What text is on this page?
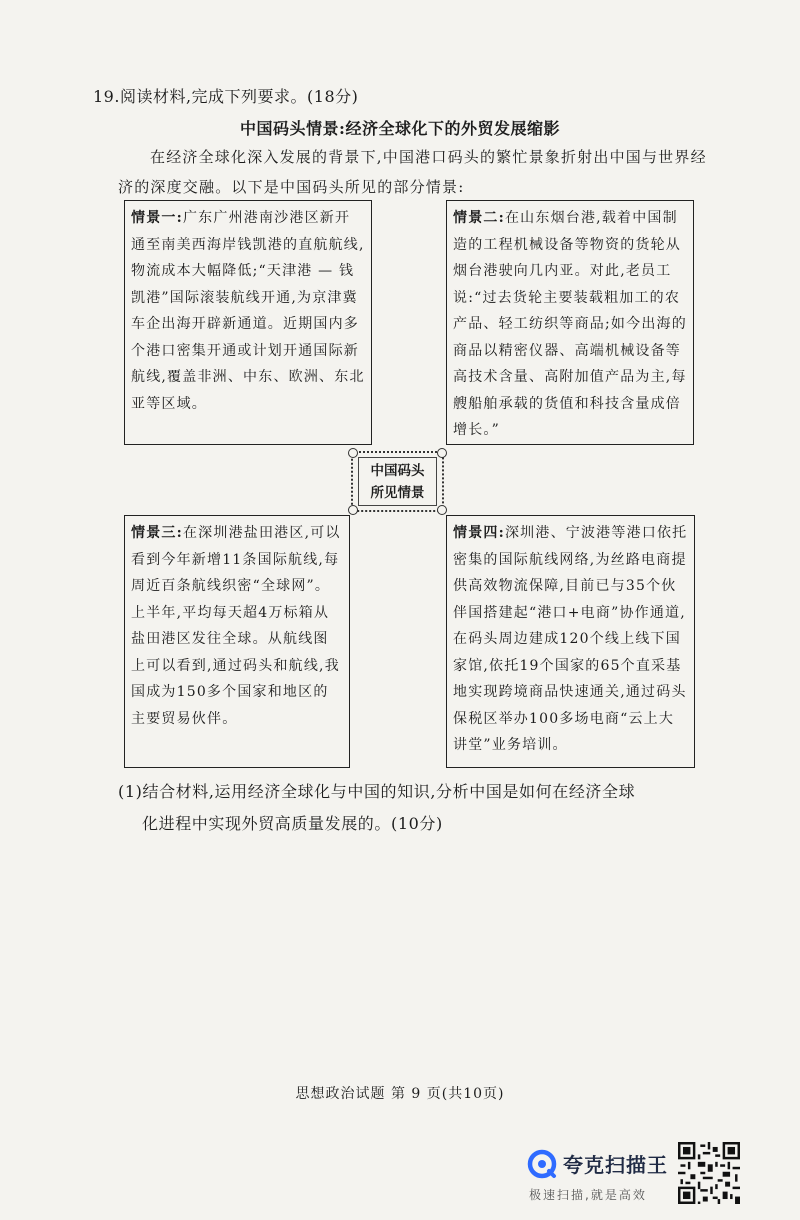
19.阅读材料,完成下列要求。(18分)
中国码头情景:经济全球化下的外贸发展缩影

在经济全球化深入发展的背景下,中国港口码头的繁忙景象折射出中国与世界经济的深度交融。以下是中国码头所见的部分情景:

情景一:广东广州港南沙港区新开通至南美西海岸钱凯港的直航航线,物流成本大幅降低;“天津港 — 钱凯港”国际滚装航线开通,为京津冀车企出海开辟新通道。近期国内多个港口密集开通或计划开通国际新航线,覆盖非洲、中东、欧洲、东北亚等区域。
情景二:在山东烟台港,载着中国制造的工程机械设备等物资的货轮从烟台港驶向几内亚。对此,老员工说:“过去货轮主要装载粗加工的农产品、轻工纺织等商品;如今出海的商品以精密仪器、高端机械设备等高技术含量、高附加值产品为主,每艘船舶承载的货值和科技含量成倍增长。”
中国码头
所见情景
情景三:在深圳港盐田港区,可以看到今年新增11条国际航线,每周近百条航线织密“全球网”。上半年,平均每天超4万标箱从盐田港区发往全球。从航线图上可以看到,通过码头和航线,我国成为150多个国家和地区的主要贸易伙伴。
情景四:深圳港、宁波港等港口依托密集的国际航线网络,为丝路电商提供高效物流保障,目前已与35个伙伴国搭建起“港口+电商”协作通道,在码头周边建成120个线上线下国家馆,依托19个国家的65个直采基地实现跨境商品快速通关,通过码头保税区举办100多场电商“云上大讲堂”业务培训。
(1)结合材料,运用经济全球化与中国的知识,分析中国是如何在经济全球
化进程中实现外贸高质量发展的。(10分)
思想政治试题 第 9 页(共10页)
夸克扫描王
极速扫描,就是高效
